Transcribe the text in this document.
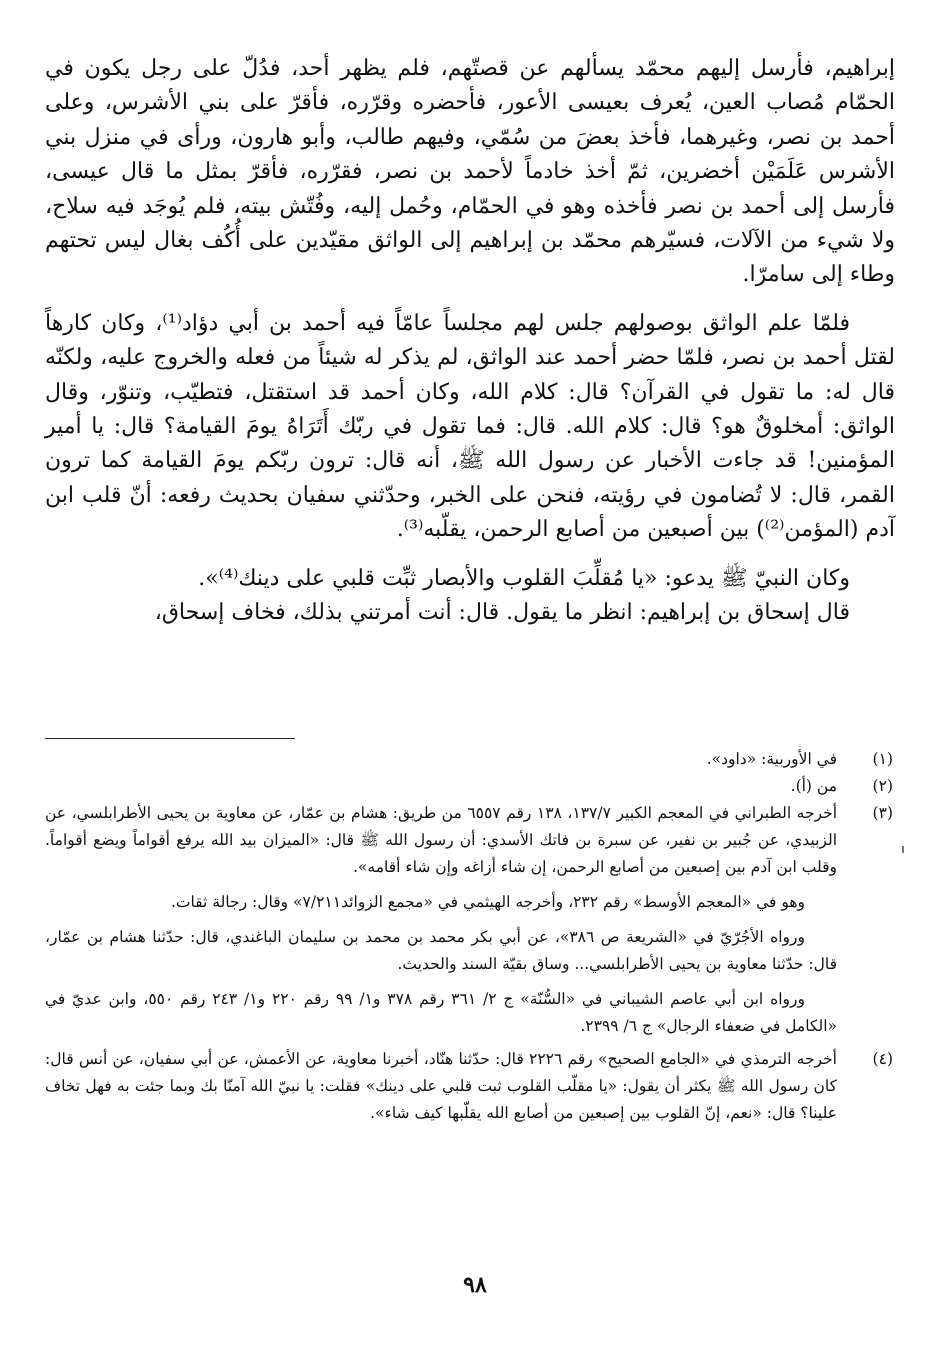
إبراهيم، فأرسل إليهم محمّد يسألهم عن قصتّهم، فلم يظهر أحد، فدُلّ على رجل يكون في الحمّام مُصاب العين، يُعرف بعيسى الأعور، فأحضره وقرّره، فأقرّ على بني الأشرس، وعلى أحمد بن نصر، وغيرهما، فأخذ بعضَ من سُمّي، وفيهم طالب، وأبو هارون، ورأى في منزل بني الأشرس عَلَمَيْن أخضرين، ثمّ أخذ خادماً لأحمد بن نصر، فقرّره، فأقرّ بمثل ما قال عيسى، فأرسل إلى أحمد بن نصر فأخذه وهو في الحمّام، وحُمل إليه، وفُتّش بيته، فلم يُوجَد فيه سلاح، ولا شيء من الآلات، فسيّرهم محمّد بن إبراهيم إلى الواثق مقيّدين على أُكُف بغال ليس تحتهم وطاء إلى سامرّا.

فلمّا علم الواثق بوصولهم جلس لهم مجلساً عامّاً فيه أحمد بن أبي دؤاد⁽¹⁾، وكان كارهاً لقتل أحمد بن نصر، فلمّا حضر أحمد عند الواثق، لم يذكر له شيئاً من فعله والخروج عليه، ولكنّه قال له: ما تقول في القرآن؟ قال: كلام الله، وكان أحمد قد استقتل، فتطيّب، وتنوّر، وقال الواثق: أمخلوقٌ هو؟ قال: كلام الله. قال: فما تقول في ربّك أَتَرَاهُ يومَ القيامة؟ قال: يا أمير المؤمنين! قد جاءت الأخبار عن رسول الله ﷺ، أنه قال: ترون ربّكم يومَ القيامة كما ترون القمر، قال: لا تُضامون في رؤيته، فنحن على الخبر، وحدّثني سفيان بحديث رفعه: أنّ قلب ابن آدم (المؤمن⁽²⁾) بين أصبعين من أصابع الرحمن، يقلّبه⁽³⁾.

وكان النبيّ ﷺ يدعو: «يا مُقلِّبَ القلوب والأبصار ثبِّت قلبي على دينك⁽⁴⁾».

قال إسحاق بن إبراهيم: انظر ما يقول. قال: أنت أمرتني بذلك، فخاف إسحاق،

(١)

في الأوربية: «داود».

(٢)

من (أ).

(٣)

أخرجه الطبراني في المعجم الكبير ١٣٧/٧، ١٣٨ رقم ٦٥٥٧ من طريق: هشام بن عمّار، عن معاوية بن يحيى الأطرابلسي، عن الزبيدي، عن جُبير بن نفير، عن سبرة بن فاتك الأسدي: أن رسول الله ﷺ قال: «الميزان بيد الله يرفع أقواماً ويضع أقواماً. وقلب ابن آدم بين إصبعين من أصابع الرحمن، إن شاء أزاغه وإن شاء أقامه».

وهو في «المعجم الأوسط» رقم ٢٣٢، وأخرجه الهيثمي في «مجمع الزوائد٧/٢١١» وقال: رجالة ثقات.

ورواه الأجُرّيّ في «الشريعة ص ٣٨٦»، عن أبي بكر محمد بن محمد بن سليمان الباغندي، قال: حدّثنا هشام بن عمّار، قال: حدّثنا معاوية بن يحيى الأطرابلسي... وساق بقيّة السند والحديث.

ورواه ابن أبي عاصم الشيباني في «السُّنّة» ج ٢/ ٣٦١ رقم ٣٧٨ و١/ ٩٩ رقم ٢٢٠ و١/ ٢٤٣ رقم ٥٥٠، وابن عديّ في «الكامل في ضعفاء الرجال» ج ٦/ ٢٣٩٩.

(٤)

أخرجه الترمذي في «الجامع الصحيح» رقم ٢٢٢٦ قال: حدّثنا هنّاد، أخبرنا معاوية، عن الأعمش، عن أبي سفيان، عن أنس قال: كان رسول الله ﷺ يكثر أن يقول: «يا مقلّب القلوب ثبت قلبي على دينك» فقلت: يا نبيّ الله آمنّا بك وبما جئت به فهل تخاف علينا؟ قال: «نعم، إنّ القلوب بين إصبعين من أصابع الله يقلّبها كيف شاء».

٩٨
